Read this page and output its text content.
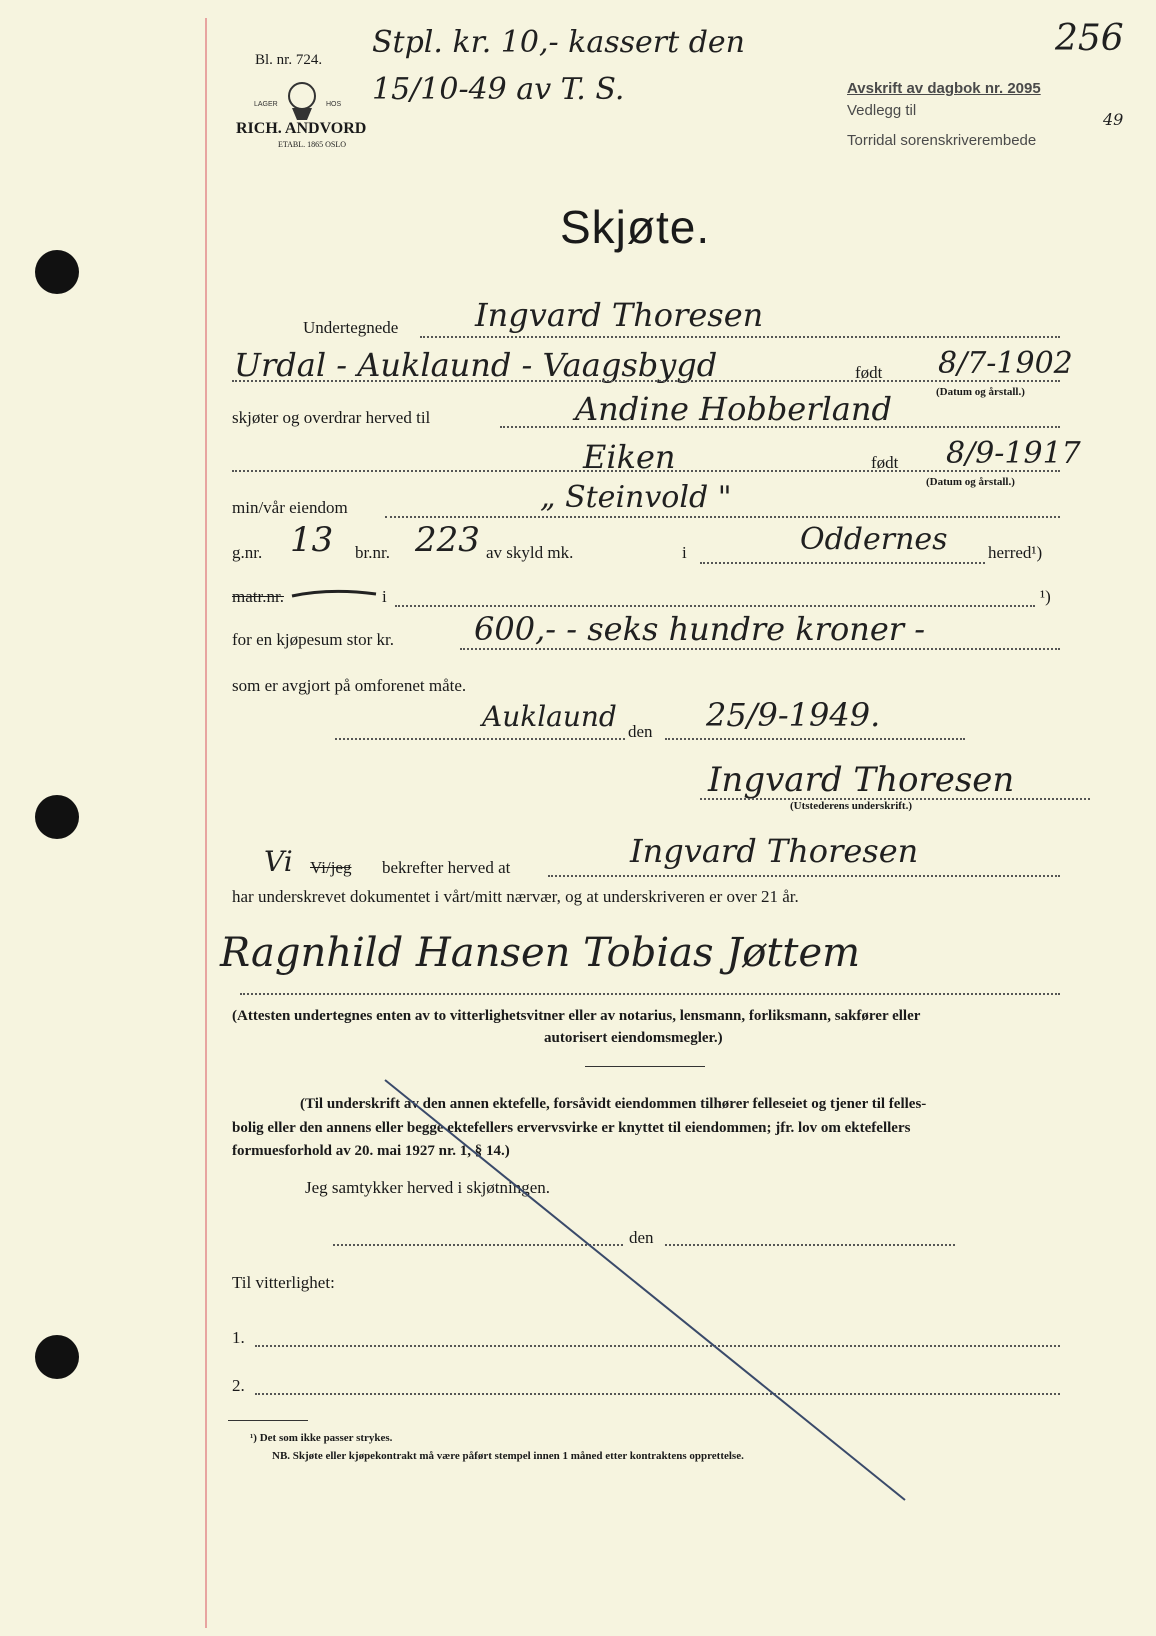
Bl. nr. 724. Stpl. kr. 10,- kassert den
15/10-49 av T. S.
256
LAGER	HOS
RICH. ANDVORD
ETABL. 1865 OSLO
Avskrift av dagbok nr. 2095
Vedlegg til
Torridal sorenskriverembede
49
Skjøte.
Undertegnede Ingvard Thoresen
Urdal - Auklaund - Vaagsbygd	født 8/7-1902
(Datum og årstall.)
skjøter og overdrar herved til	Andine Hobberland
Eiken	født 8/9-1917
(Datum og årstall.)
min/vår eiendom	„ Steinvold "
g.nr. 13 br.nr. 223 av skyld mk.	i	Oddernes herred¹)
matr.nr.	i	¹)
for en kjøpesum stor kr.	600,- - seks hundre kroner -
som er avgjort på omforenet måte.
Auklaund den 25/9-1949.
Ingvard Thoresen
(Utstederens underskrift.)
Vi Vi/jeg bekrefter herved at	Ingvard Thoresen
har underskrevet dokumentet i vårt/mitt nærvær, og at underskriveren er over 21 år.
Ragnhild Hansen Tobias Jøttem
(Attesten undertegnes enten av to vitterlighetsvitner eller av notarius, lensmann, forliksmann, sakfører eller
autorisert eiendomsmegler.)
(Til underskrift av den annen ektefelle, forsåvidt eiendommen tilhører felleseiet og tjener til felles-
bolig eller den annens eller begge ektefellers ervervsvirke er knyttet til eiendommen; jfr. lov om ektefellers
formuesforhold av 20. mai 1927 nr. 1, § 14.)
Jeg samtykker herved i skjøtningen.
den
Til vitterlighet:
1.
2.
¹) Det som ikke passer strykes.
NB. Skjøte eller kjøpekontrakt må være påført stempel innen 1 måned etter kontraktens opprettelse.
